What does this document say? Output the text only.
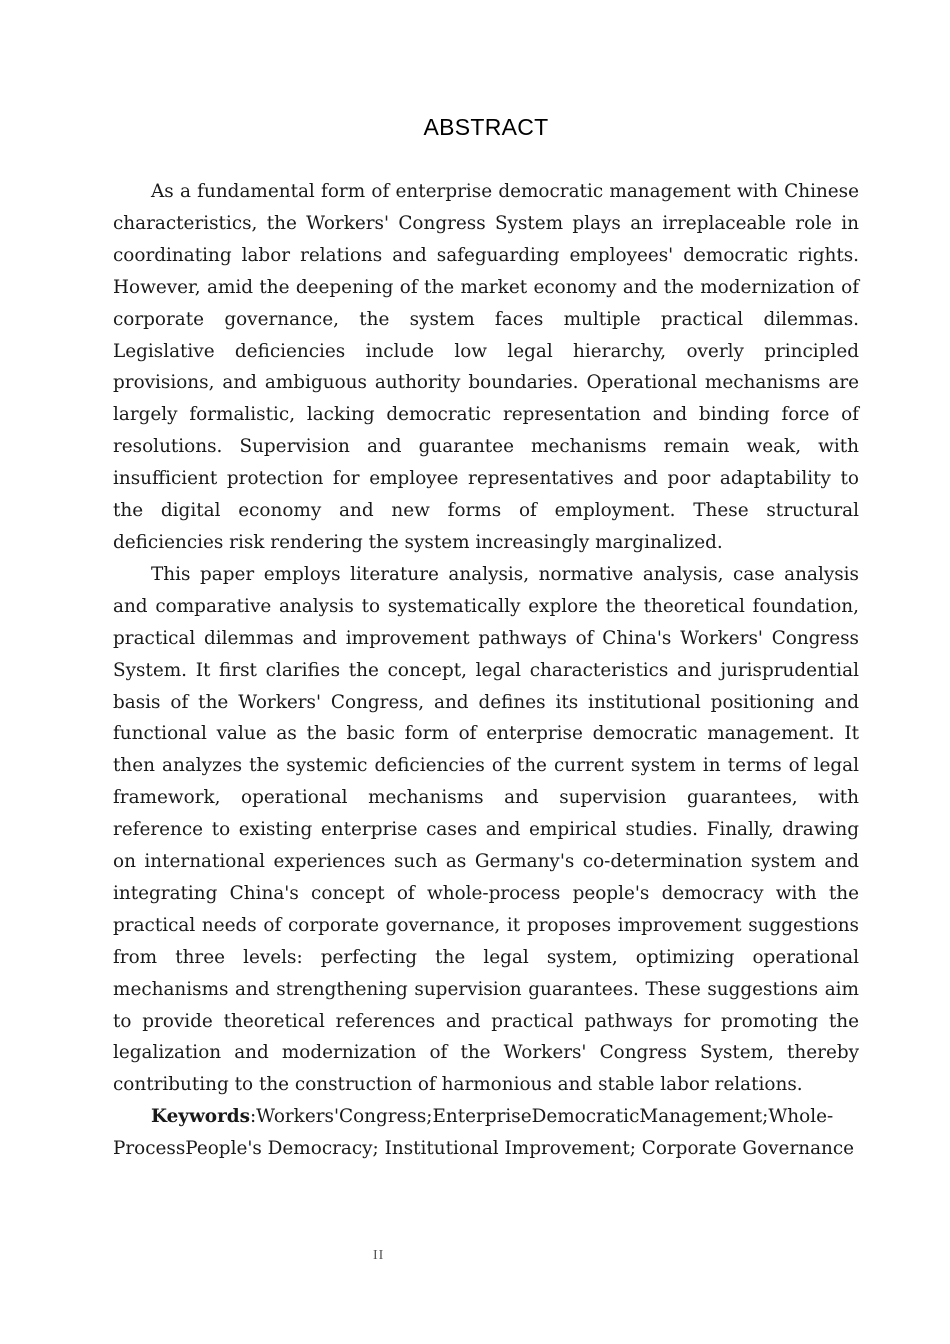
ABSTRACT

As a fundamental form of enterprise democratic management with Chinese characteristics, the Workers' Congress System plays an irreplaceable role in coordinating labor relations and safeguarding employees' democratic rights. However, amid the deepening of the market economy and the modernization of corporate governance, the system faces multiple practical dilemmas. Legislative deficiencies include low legal hierarchy, overly principled provisions, and ambiguous authority boundaries. Operational mechanisms are largely formalistic, lacking democratic representation and binding force of resolutions. Supervision and guarantee mechanisms remain weak, with insufficient protection for employee representatives and poor adaptability to the digital economy and new forms of employment. These structural deficiencies risk rendering the system increasingly marginalized.

This paper employs literature analysis, normative analysis, case analysis and comparative analysis to systematically explore the theoretical foundation, practical dilemmas and improvement pathways of China's Workers' Congress System. It first clarifies the concept, legal characteristics and jurisprudential basis of the Workers' Congress, and defines its institutional positioning and functional value as the basic form of enterprise democratic management. It then analyzes the systemic deficiencies of the current system in terms of legal framework, operational mechanisms and supervision guarantees, with reference to existing enterprise cases and empirical studies. Finally, drawing on international experiences such as Germany's co-determination system and integrating China's concept of whole-process people's democracy with the practical needs of corporate governance, it proposes improvement suggestions from three levels: perfecting the legal system, optimizing operational mechanisms and strengthening supervision guarantees. These suggestions aim to provide theoretical references and practical pathways for promoting the legalization and modernization of the Workers' Congress System, thereby contributing to the construction of harmonious and stable labor relations.

Keywords:Workers'Congress;EnterpriseDemocraticManagement;Whole-ProcessPeople's Democracy; Institutional Improvement; Corporate Governance

II
